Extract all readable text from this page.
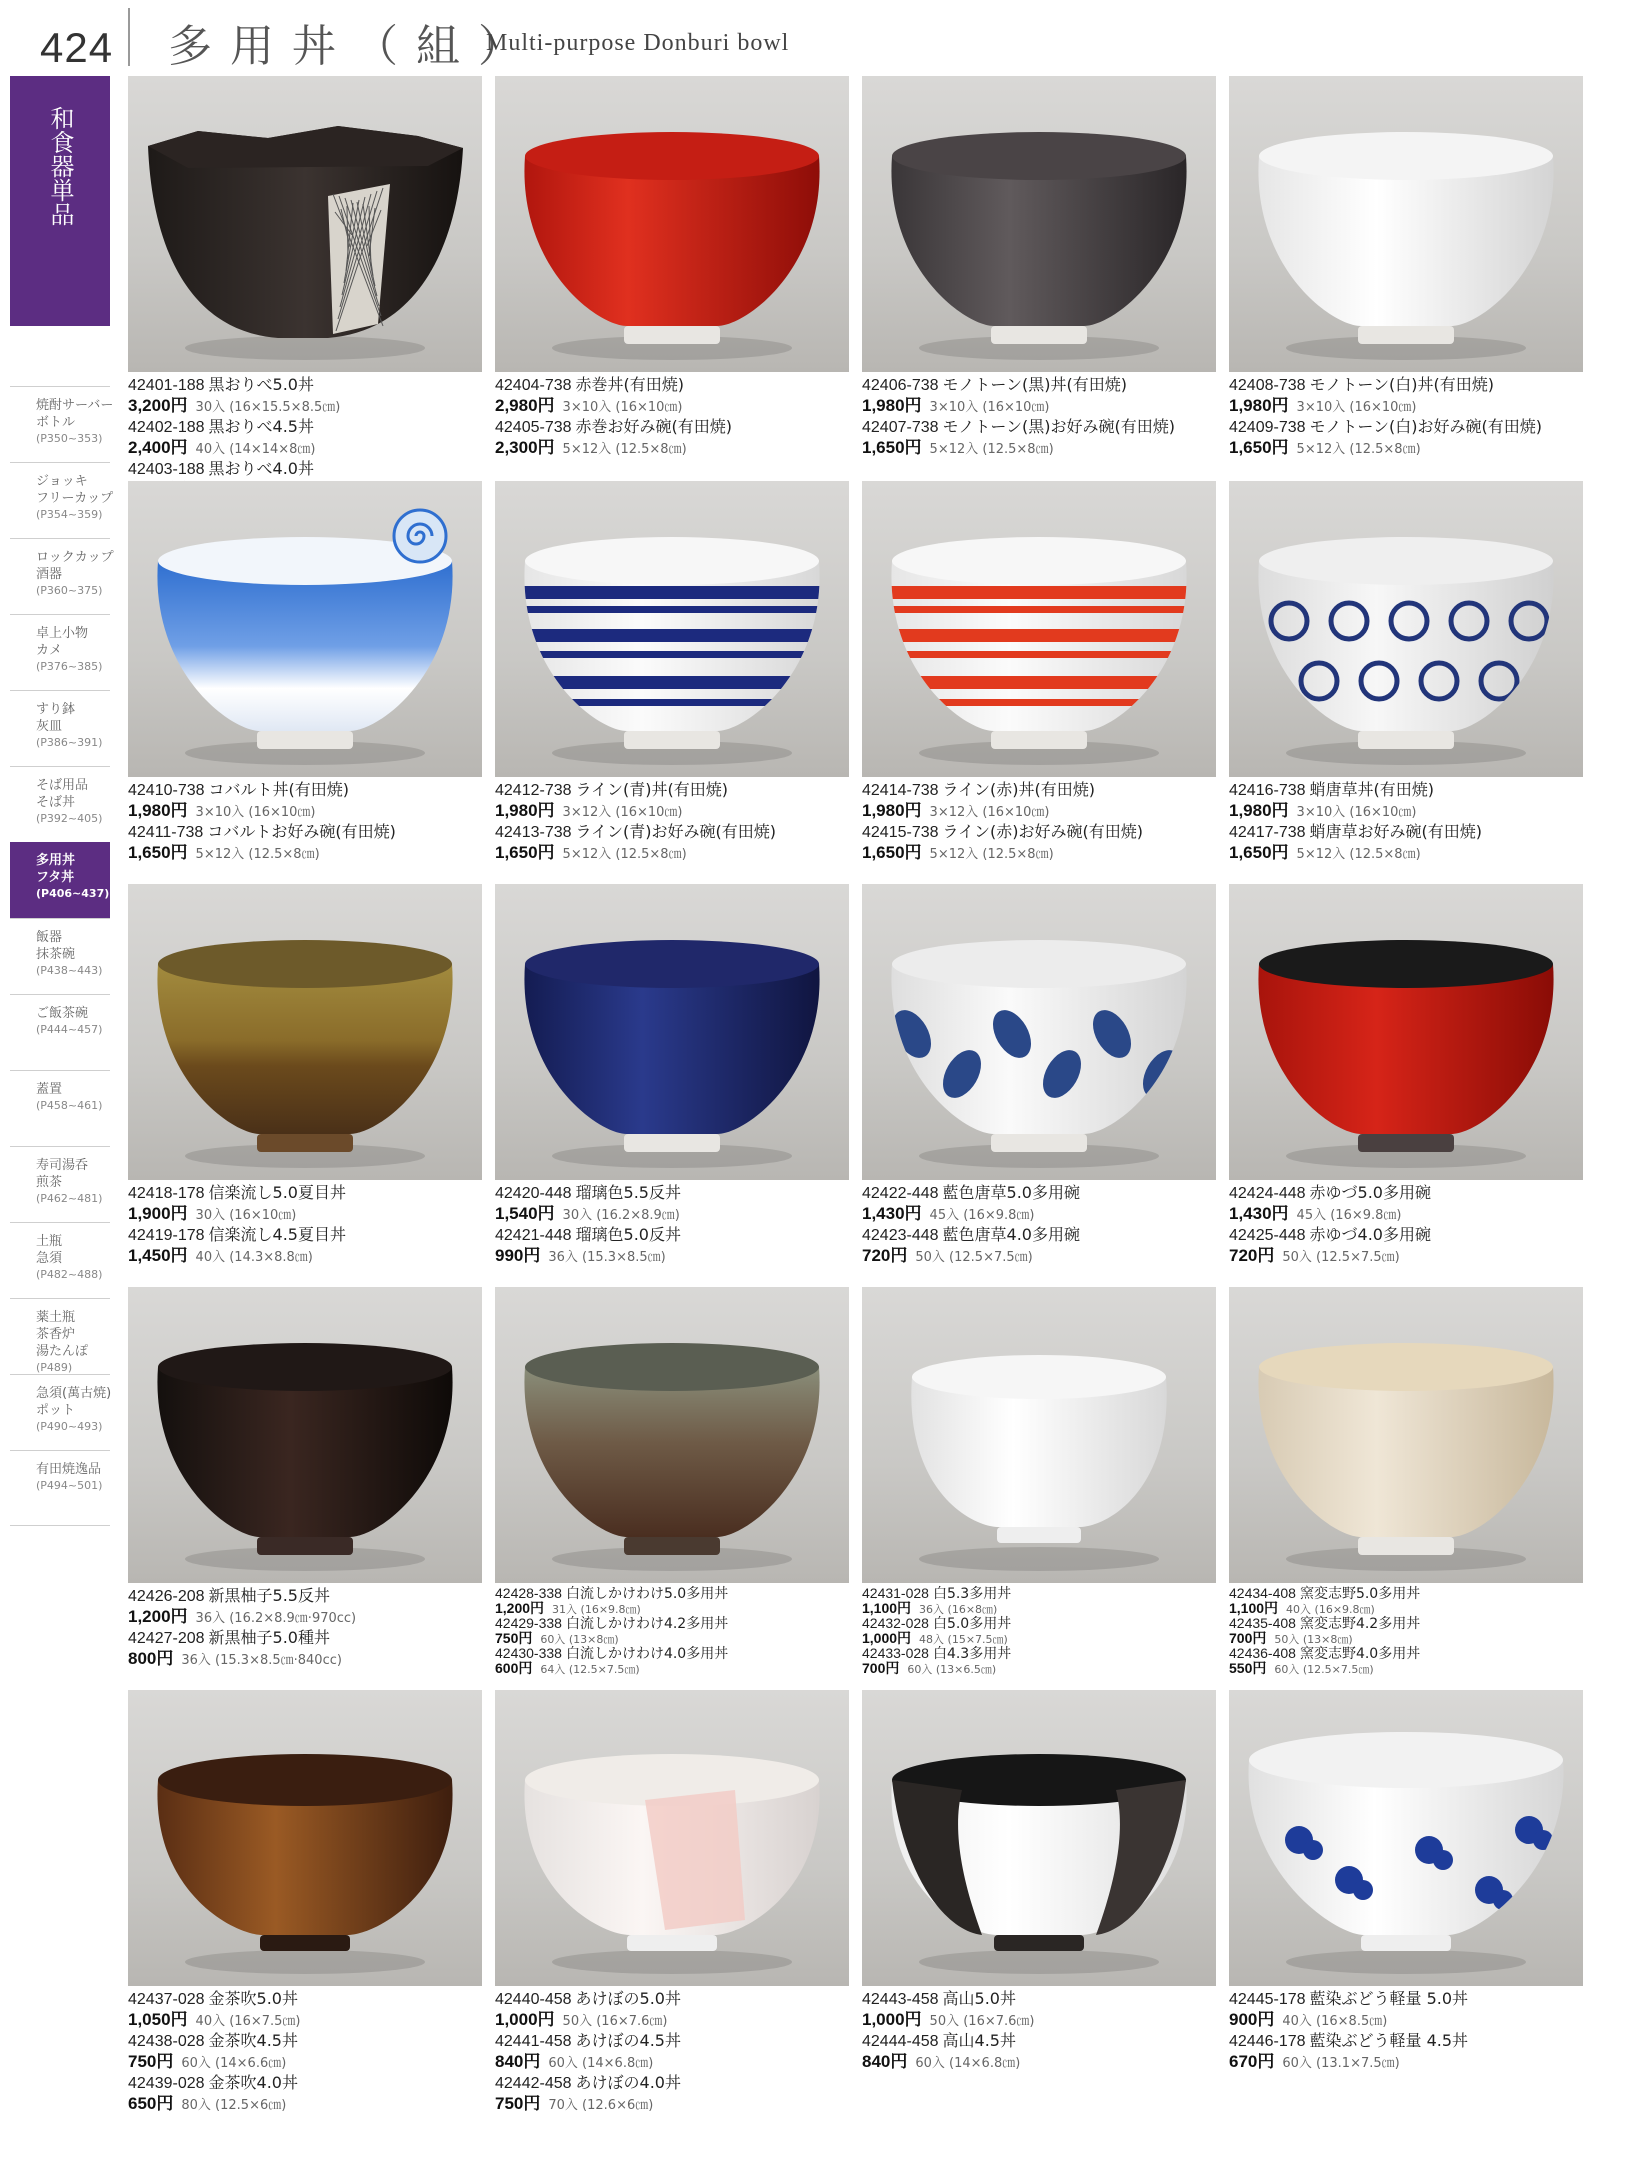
424 多用丼（組）
Multi-purpose Donburi bowl
和食器単品
焼酎サーバー
ボトル
(P350~353)
ジョッキ
フリーカップ
(P354~359)
ロックカップ
酒器
(P360~375)
卓上小物
カメ
(P376~385)
すり鉢
灰皿
(P386~391)
そば用品
そば丼
(P392~405)
多用丼
フタ丼
(P406~437)
飯器
抹茶碗
(P438~443)
ご飯茶碗
(P444~457)
蓋置
(P458~461)
寿司湯呑
煎茶
(P462~481)
土瓶
急須
(P482~488)
薬土瓶
茶香炉
湯たんぽ
(P489)
急須(萬古焼)
ポット
(P490~493)
有田焼逸品
(P494~501)
42401-188 黒おりべ5.0丼
3,200円 30入 (16×15.5×8.5㎝)
42402-188 黒おりべ4.5丼
2,400円 40入 (14×14×8㎝)
42403-188 黒おりべ4.0丼
42404-738 赤巻丼(有田焼)
2,980円 3×10入 (16×10㎝)
42405-738 赤巻お好み碗(有田焼)
2,300円 5×12入 (12.5×8㎝)
42406-738 モノトーン(黒)丼(有田焼)
1,980円 3×10入 (16×10㎝)
42407-738 モノトーン(黒)お好み碗(有田焼)
1,650円 5×12入 (12.5×8㎝)
42408-738 モノトーン(白)丼(有田焼)
1,980円 3×10入 (16×10㎝)
42409-738 モノトーン(白)お好み碗(有田焼)
1,650円 5×12入 (12.5×8㎝)
42410-738 コバルト丼(有田焼)
1,980円 3×10入 (16×10㎝)
42411-738 コバルトお好み碗(有田焼)
1,650円 5×12入 (12.5×8㎝)
42412-738 ライン(青)丼(有田焼)
1,980円 3×12入 (16×10㎝)
42413-738 ライン(青)お好み碗(有田焼)
1,650円 5×12入 (12.5×8㎝)
42414-738 ライン(赤)丼(有田焼)
1,980円 3×12入 (16×10㎝)
42415-738 ライン(赤)お好み碗(有田焼)
1,650円 5×12入 (12.5×8㎝)
42416-738 蛸唐草丼(有田焼)
1,980円 3×10入 (16×10㎝)
42417-738 蛸唐草お好み碗(有田焼)
1,650円 5×12入 (12.5×8㎝)
42418-178 信楽流し5.0夏目丼
1,900円 30入 (16×10㎝)
42419-178 信楽流し4.5夏目丼
1,450円 40入 (14.3×8.8㎝)
42420-448 瑠璃色5.5反丼
1,540円 30入 (16.2×8.9㎝)
42421-448 瑠璃色5.0反丼
990円 36入 (15.3×8.5㎝)
42422-448 藍色唐草5.0多用碗
1,430円 45入 (16×9.8㎝)
42423-448 藍色唐草4.0多用碗
720円 50入 (12.5×7.5㎝)
42424-448 赤ゆづ5.0多用碗
1,430円 45入 (16×9.8㎝)
42425-448 赤ゆづ4.0多用碗
720円 50入 (12.5×7.5㎝)
42426-208 新黒柚子5.5反丼
1,200円 36入 (16.2×8.9㎝·970cc)
42427-208 新黒柚子5.0種丼
800円 36入 (15.3×8.5㎝·840cc)
42428-338 白流しかけわけ5.0多用丼
1,200円 31入 (16×9.8㎝)
42429-338 白流しかけわけ4.2多用丼
750円 60入 (13×8㎝)
42430-338 白流しかけわけ4.0多用丼
600円 64入 (12.5×7.5㎝)
42431-028 白5.3多用丼
1,100円 36入 (16×8㎝)
42432-028 白5.0多用丼
1,000円 48入 (15×7.5㎝)
42433-028 白4.3多用丼
700円 60入 (13×6.5㎝)
42434-408 窯変志野5.0多用丼
1,100円 40入 (16×9.8㎝)
42435-408 窯変志野4.2多用丼
700円 50入 (13×8㎝)
42436-408 窯変志野4.0多用丼
550円 60入 (12.5×7.5㎝)
42437-028 金茶吹5.0丼
1,050円 40入 (16×7.5㎝)
42438-028 金茶吹4.5丼
750円 60入 (14×6.6㎝)
42439-028 金茶吹4.0丼
650円 80入 (12.5×6㎝)
42440-458 あけぼの5.0丼
1,000円 50入 (16×7.6㎝)
42441-458 あけぼの4.5丼
840円 60入 (14×6.8㎝)
42442-458 あけぼの4.0丼
750円 70入 (12.6×6㎝)
42443-458 高山5.0丼
1,000円 50入 (16×7.6㎝)
42444-458 高山4.5丼
840円 60入 (14×6.8㎝)
42445-178 藍染ぶどう軽量 5.0丼
900円 40入 (16×8.5㎝)
42446-178 藍染ぶどう軽量 4.5丼
670円 60入 (13.1×7.5㎝)
